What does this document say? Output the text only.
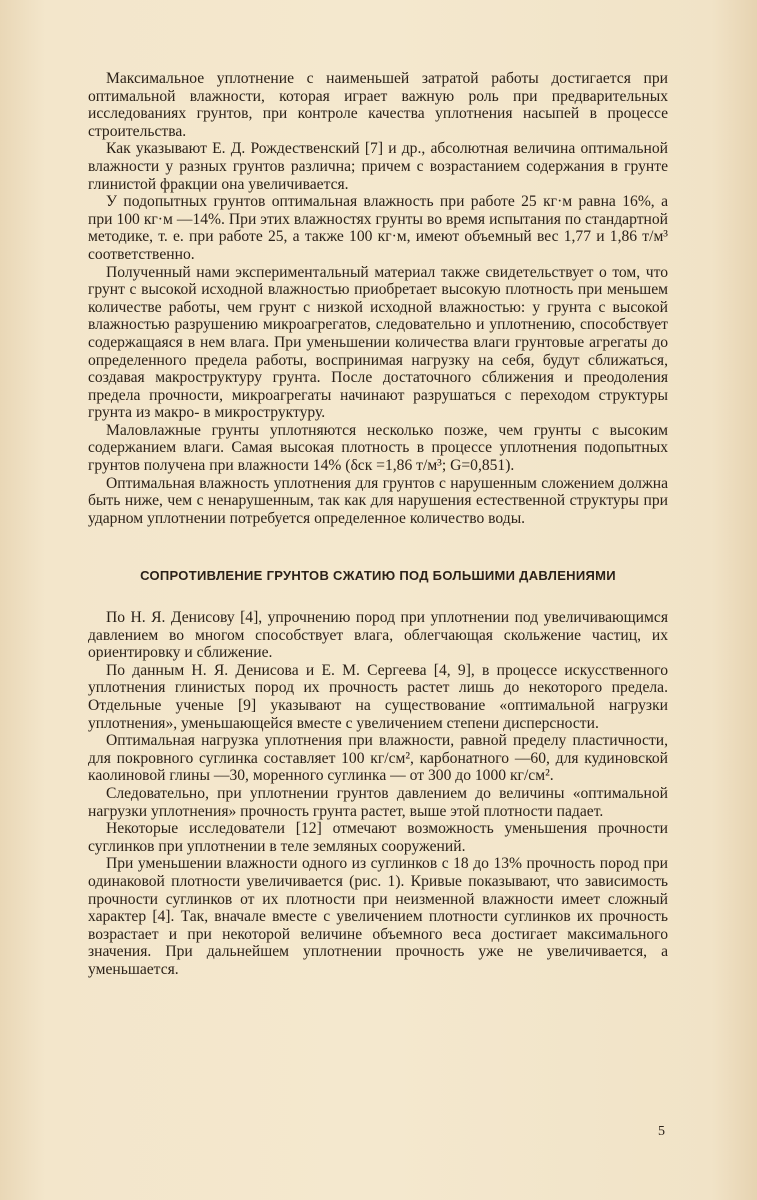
Максимальное уплотнение с наименьшей затратой работы достигается при оптимальной влажности, которая играет важную роль при предварительных исследованиях грунтов, при контроле качества уплотнения насыпей в процессе строительства.

Как указывают Е. Д. Рождественский [7] и др., абсолютная величина оптимальной влажности у разных грунтов различна; причем с возрастанием содержания в грунте глинистой фракции она увеличивается.

У подопытных грунтов оптимальная влажность при работе 25 кг·м равна 16%, а при 100 кг·м —14%. При этих влажностях грунты во время испытания по стандартной методике, т. е. при работе 25, а также 100 кг·м, имеют объемный вес 1,77 и 1,86 т/м³ соответственно.

Полученный нами экспериментальный материал также свидетельствует о том, что грунт с высокой исходной влажностью приобретает высокую плотность при меньшем количестве работы, чем грунт с низкой исходной влажностью: у грунта с высокой влажностью разрушению микроагрегатов, следовательно и уплотнению, способствует содержащаяся в нем влага. При уменьшении количества влаги грунтовые агрегаты до определенного предела работы, воспринимая нагрузку на себя, будут сближаться, создавая макроструктуру грунта. После достаточного сближения и преодоления предела прочности, микроагрегаты начинают разрушаться с переходом структуры грунта из макро- в микроструктуру.

Маловлажные грунты уплотняются несколько позже, чем грунты с высоким содержанием влаги. Самая высокая плотность в процессе уплотнения подопытных грунтов получена при влажности 14% (δск =1,86 т/м³; G=0,851).

Оптимальная влажность уплотнения для грунтов с нарушенным сложением должна быть ниже, чем с ненарушенным, так как для нарушения естественной структуры при ударном уплотнении потребуется определенное количество воды.

СОПРОТИВЛЕНИЕ ГРУНТОВ СЖАТИЮ ПОД БОЛЬШИМИ ДАВЛЕНИЯМИ

По Н. Я. Денисову [4], упрочнению пород при уплотнении под увеличивающимся давлением во многом способствует влага, облегчающая скольжение частиц, их ориентировку и сближение.

По данным Н. Я. Денисова и Е. М. Сергеева [4, 9], в процессе искусственного уплотнения глинистых пород их прочность растет лишь до некоторого предела. Отдельные ученые [9] указывают на существование «оптимальной нагрузки уплотнения», уменьшающейся вместе с увеличением степени дисперсности.

Оптимальная нагрузка уплотнения при влажности, равной пределу пластичности, для покровного суглинка составляет 100 кг/см², карбонатного —60, для кудиновской каолиновой глины —30, моренного суглинка — от 300 до 1000 кг/см².

Следовательно, при уплотнении грунтов давлением до величины «оптимальной нагрузки уплотнения» прочность грунта растет, выше этой плотности падает.

Некоторые исследователи [12] отмечают возможность уменьшения прочности суглинков при уплотнении в теле земляных сооружений.

При уменьшении влажности одного из суглинков с 18 до 13% прочность пород при одинаковой плотности увеличивается (рис. 1). Кривые показывают, что зависимость прочности суглинков от их плотности при неизменной влажности имеет сложный характер [4]. Так, вначале вместе с увеличением плотности суглинков их прочность возрастает и при некоторой величине объемного веса достигает максимального значения. При дальнейшем уплотнении прочность уже не увеличивается, а уменьшается.

5
